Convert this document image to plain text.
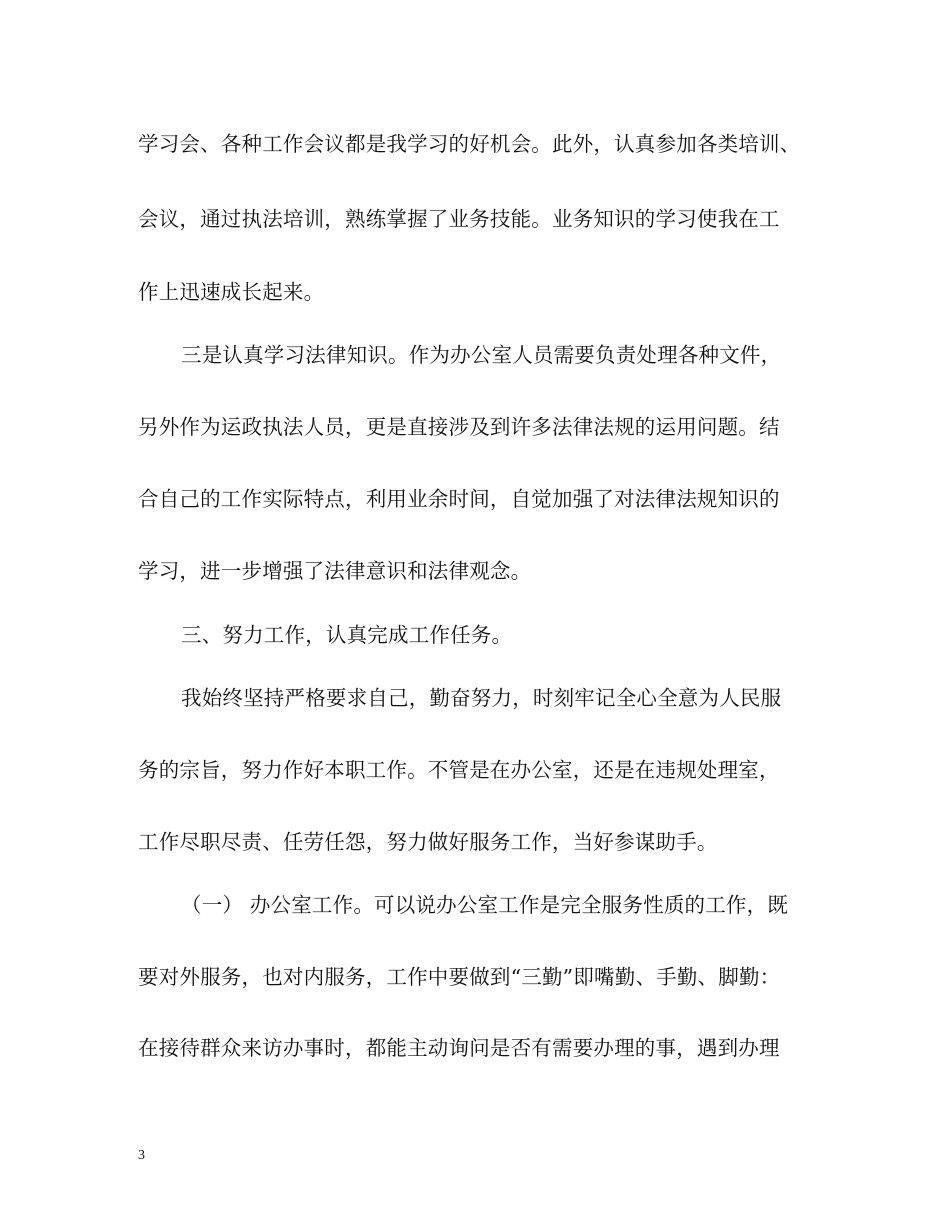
学习会、各种工作会议都是我学习的好机会。此外，认真参加各类培训、
会议，通过执法培训，熟练掌握了业务技能。业务知识的学习使我在工
作上迅速成长起来。
三是认真学习法律知识。作为办公室人员需要负责处理各种文件，
另外作为运政执法人员，更是直接涉及到许多法律法规的运用问题。结
合自己的工作实际特点，利用业余时间，自觉加强了对法律法规知识的
学习，进一步增强了法律意识和法律观念。
三、努力工作，认真完成工作任务。
我始终坚持严格要求自己，勤奋努力，时刻牢记全心全意为人民服
务的宗旨，努力作好本职工作。不管是在办公室，还是在违规处理室，
工作尽职尽责、任劳任怨，努力做好服务工作，当好参谋助手。
（一） 办公室工作。可以说办公室工作是完全服务性质的工作，既
要对外服务，也对内服务，工作中要做到“三勤”即嘴勤、手勤、脚勤：
在接待群众来访办事时，都能主动询问是否有需要办理的事，遇到办理
3
